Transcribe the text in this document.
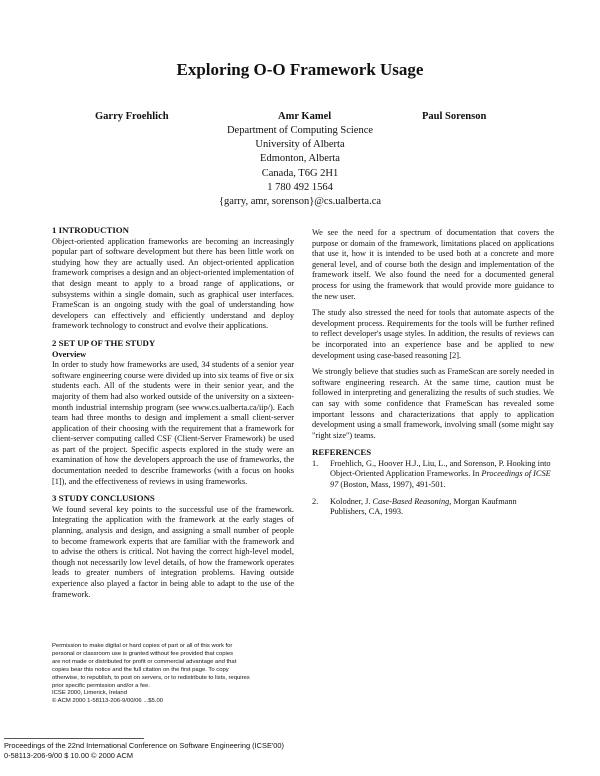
Exploring O-O Framework Usage
Garry Froehlich	Amr Kamel	Paul Sorenson
Department of Computing Science
University of Alberta
Edmonton, Alberta
Canada, T6G 2H1
1 780 492 1564
{garry, amr, sorenson}@cs.ualberta.ca
1 INTRODUCTION

Object-oriented application frameworks are becoming an increasingly popular part of software development but there has been little work on studying how they are actually used. An object-oriented application framework comprises a design and an object-oriented implementation of that design meant to apply to a broad range of applications, or subsystems within a single domain, such as graphical user interfaces. FrameScan is an ongoing study with the goal of understanding how developers can effectively and efficiently understand and deploy framework technology to construct and evolve their applications.

2 SET UP OF THE STUDY
Overview

In order to study how frameworks are used, 34 students of a senior year software engineering course were divided up into six teams of five or six students each. All of the students were in their senior year, and the majority of them had also worked outside of the university on a sixteen-month industrial internship program (see www.cs.ualberta.ca/iip/). Each team had three months to design and implement a small client-server application of their choosing with the requirement that a framework for client-server computing called CSF (Client-Server Framework) be used as part of the project. Specific aspects explored in the study were an examination of how the developers approach the use of frameworks, the documentation needed to describe frameworks (with a focus on hooks [1]), and the effectiveness of reviews in using frameworks.

3 STUDY CONCLUSIONS

We found several key points to the successful use of the framework. Integrating the application with the framework at the early stages of planning, analysis and design, and assigning a small number of people to become framework experts that are familiar with the framework and to advise the others is critical. Not having the correct high-level model, though not necessarily low level details, of how the framework operates leads to greater numbers of integration problems. Having outside experience also played a factor in being able to adapt to the use of the framework.

We see the need for a spectrum of documentation that covers the purpose or domain of the framework, limitations placed on applications that use it, how it is intended to be used both at a concrete and more general level, and of course both the design and implementation of the framework itself. We also found the need for a documented general process for using the framework that would provide more guidance to the new user.

The study also stressed the need for tools that automate aspects of the development process. Requirements for the tools will be further refined to reflect developer's usage styles. In addition, the results of reviews can be incorporated into an experience base and be applied to new development using case-based reasoning [2].

We strongly believe that studies such as FrameScan are sorely needed in software engineering research. At the same time, caution must be followed in interpreting and generalizing the results of such studies. We can say with some confidence that FrameScan has revealed some important lessons and characterizations that apply to application development using a small framework, involving small (some might say "right size") teams.

REFERENCES
1.	Froehlich, G., Hoover H.J., Liu, L., and Sorenson, P. Hooking into Object-Oriented Application Frameworks. In Proceedings of ICSE 97 (Boston, Mass, 1997), 491-501.
2.	Kolodner, J. Case-Based Reasoning, Morgan Kaufmann Publishers, CA, 1993.
Permission to make digital or hard copies of part or all of this work for
personal or classroom use is granted without fee provided that copies
are not made or distributed for profit or commercial advantage and that
copies bear this notice and the full citation on the first page. To copy
otherwise, to republish, to post on servers, or to redistribute to lists, requires
prior specific permission and/or a fee.
ICSE 2000, Limerick, Ireland
© ACM 2000 1-58113-206-9/00/06 ...$5.00
Proceedings of the 22nd International Conference on Software Engineering (ICSE'00)
0-58113-206-9/00 $ 10.00 © 2000 ACM
